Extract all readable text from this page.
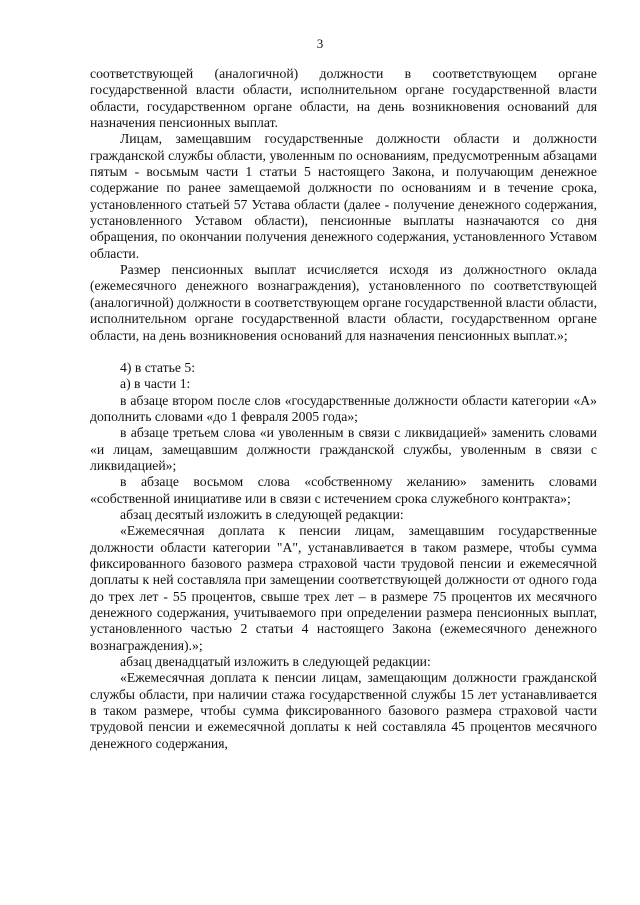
3

соответствующей (аналогичной) должности в соответствующем органе государственной власти области, исполнительном органе государственной власти области, государственном органе области, на день возникновения оснований для назначения пенсионных выплат.

Лицам, замещавшим государственные должности области и должности гражданской службы области, уволенным по основаниям, предусмотренным абзацами пятым - восьмым части 1 статьи 5 настоящего Закона, и получающим денежное содержание по ранее замещаемой должности по основаниям и в течение срока, установленного статьей 57 Устава области (далее - получение денежного содержания, установленного Уставом области), пенсионные выплаты назначаются со дня обращения, по окончании получения денежного содержания, установленного Уставом области.

Размер пенсионных выплат исчисляется исходя из должностного оклада (ежемесячного денежного вознаграждения), установленного по соответствующей (аналогичной) должности в соответствующем органе государственной власти области, исполнительном органе государственной власти области, государственном органе области, на день возникновения оснований для назначения пенсионных выплат.»;

4) в статье 5:

а) в части 1:

в абзаце втором после слов «государственные должности области категории «А» дополнить словами «до 1 февраля 2005 года»;

в абзаце третьем слова «и уволенным в связи с ликвидацией» заменить словами «и лицам, замещавшим должности гражданской службы, уволенным в связи с ликвидацией»;

в абзаце восьмом слова «собственному желанию» заменить словами «собственной инициативе или в связи с истечением срока служебного контракта»;

абзац десятый изложить в следующей редакции:

«Ежемесячная доплата к пенсии лицам, замещавшим государственные должности области категории "А", устанавливается в таком размере, чтобы сумма фиксированного базового размера страховой части трудовой пенсии и ежемесячной доплаты к ней составляла при замещении соответствующей должности от одного года до трех лет - 55 процентов, свыше трех лет – в размере 75 процентов их месячного денежного содержания, учитываемого при определении размера пенсионных выплат, установленного частью 2 статьи 4 настоящего Закона (ежемесячного денежного вознаграждения).»;

абзац двенадцатый изложить в следующей редакции:

«Ежемесячная доплата к пенсии лицам, замещающим должности гражданской службы области, при наличии стажа государственной службы 15 лет устанавливается в таком размере, чтобы сумма фиксированного базового размера страховой части трудовой пенсии и ежемесячной доплаты к ней составляла 45 процентов месячного денежного содержания,
